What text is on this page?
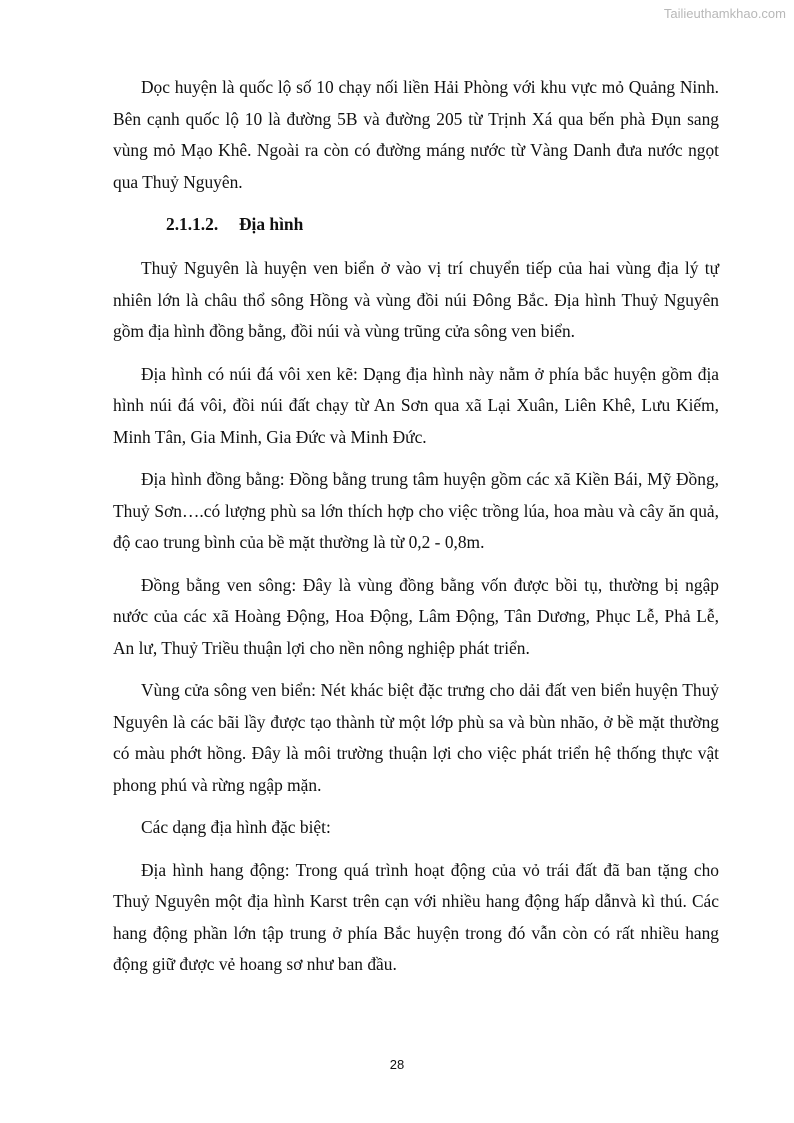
Tailieuthamkhao.com

Dọc huyện là quốc lộ số 10 chạy nối liền Hải Phòng với khu vực mỏ Quảng Ninh. Bên cạnh quốc lộ 10 là đường 5B và đường 205 từ Trịnh Xá qua bến phà Đụn sang vùng mỏ Mạo Khê. Ngoài ra còn có đường máng nước từ Vàng Danh đưa nước ngọt qua Thuỷ Nguyên.

2.1.1.2. Địa hình

Thuỷ Nguyên là huyện ven biển ở vào vị trí chuyển tiếp của hai vùng địa lý tự nhiên lớn là châu thổ sông Hồng và vùng đồi núi Đông Bắc. Địa hình Thuỷ Nguyên gồm địa hình đồng bằng, đồi núi và vùng trũng cửa sông ven biển.

Địa hình có núi đá vôi xen kẽ: Dạng địa hình này nằm ở phía bắc huyện gồm địa hình núi đá vôi, đồi núi đất chạy từ An Sơn qua xã Lại Xuân, Liên Khê, Lưu Kiếm, Minh Tân, Gia Minh, Gia Đức và Minh Đức.

Địa hình đồng bằng: Đồng bằng trung tâm huyện gồm các xã Kiền Bái, Mỹ Đồng, Thuỷ Sơn….có lượng phù sa lớn thích hợp cho việc trồng lúa, hoa màu và cây ăn quả, độ cao trung bình của bề mặt thường là từ 0,2 - 0,8m.

Đồng bằng ven sông: Đây là vùng đồng bằng vốn được bồi tụ, thường bị ngập nước của các xã Hoàng Động, Hoa Động, Lâm Động, Tân Dương, Phục Lễ, Phả Lễ, An lư, Thuỷ Triều thuận lợi cho nền nông nghiệp phát triển.

Vùng cửa sông ven biển: Nét khác biệt đặc trưng cho dải đất ven biển huyện Thuỷ Nguyên là các bãi lầy được tạo thành từ một lớp phù sa và bùn nhão, ở bề mặt thường có màu phớt hồng. Đây là môi trường thuận lợi cho việc phát triển hệ thống thực vật phong phú và rừng ngập mặn.

Các dạng địa hình đặc biệt:

Địa hình hang động: Trong quá trình hoạt động của vỏ trái đất đã ban tặng cho Thuỷ Nguyên một địa hình Karst trên cạn với nhiều hang động hấp dẫnvà kì thú. Các hang động phần lớn tập trung ở phía Bắc huyện trong đó vẫn còn có rất nhiều hang động giữ được vẻ hoang sơ như ban đầu.

28
